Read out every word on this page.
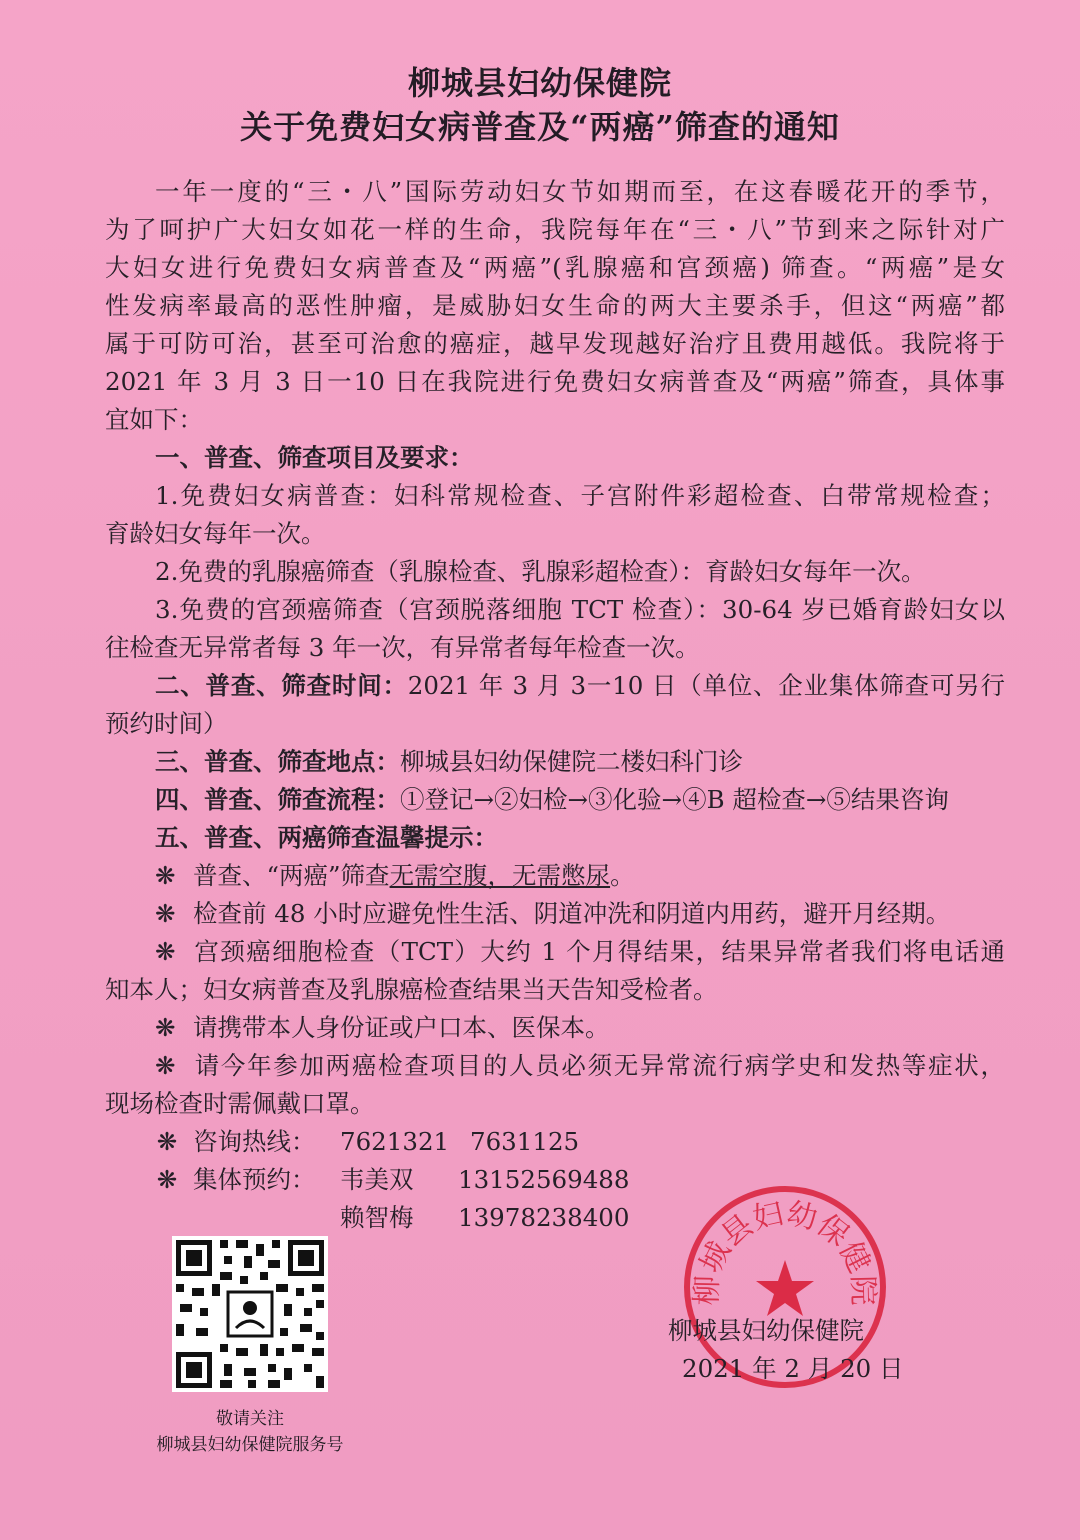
柳城县妇幼保健院
关于免费妇女病普查及“两癌”筛查的通知
一年一度的“三・八”国际劳动妇女节如期而至，在这春暖花开的季节，
为了呵护广大妇女如花一样的生命，我院每年在“三・八”节到来之际针对广
大妇女进行免费妇女病普查及“两癌”(乳腺癌和宫颈癌) 筛查。“两癌”是女
性发病率最高的恶性肿瘤，是威胁妇女生命的两大主要杀手，但这“两癌”都
属于可防可治，甚至可治愈的癌症，越早发现越好治疗且费用越低。我院将于
2021 年 3 月 3 日一10 日在我院进行免费妇女病普查及“两癌”筛查，具体事
宜如下：
一、普查、筛查项目及要求：
1.免费妇女病普查：妇科常规检查、子宫附件彩超检查、白带常规检查；
育龄妇女每年一次。
2.免费的乳腺癌筛查（乳腺检查、乳腺彩超检查）：育龄妇女每年一次。
3.免费的宫颈癌筛查（宫颈脱落细胞 TCT 检查）：30-64 岁已婚育龄妇女以
往检查无异常者每 3 年一次，有异常者每年检查一次。
二、普查、筛查时间：2021 年 3 月 3一10 日（单位、企业集体筛查可另行
预约时间）
三、普查、筛查地点：柳城县妇幼保健院二楼妇科门诊
四、普查、筛查流程：①登记→②妇检→③化验→④B 超检查→⑤结果咨询
五、普查、两癌筛查温馨提示：
❋ 普查、“两癌”筛查无需空腹，无需憋尿。
❋ 检查前 48 小时应避免性生活、阴道冲洗和阴道内用药，避开月经期。
❋ 宫颈癌细胞检查（TCT）大约 1 个月得结果，结果异常者我们将电话通
知本人；妇女病普查及乳腺癌检查结果当天告知受检者。
❋ 请携带本人身份证或户口本、医保本。
❋ 请今年参加两癌检查项目的人员必须无异常流行病学史和发热等症状，
现场检查时需佩戴口罩。
❋ 咨询热线： 7621321 7631125
❋ 集体预约： 韦美双 13152569488
赖智梅 13978238400
敬请关注
柳城县妇幼保健院服务号
柳城县妇幼保健院
柳城县妇幼保健院
2021 年 2 月 20 日
